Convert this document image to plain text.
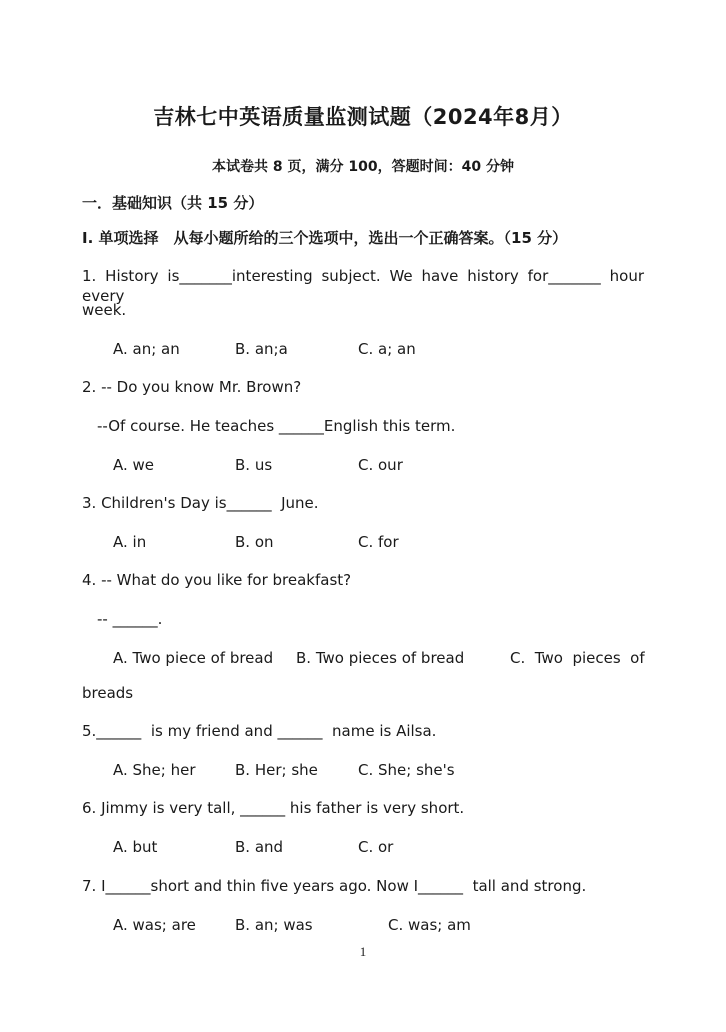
吉林七中英语质量监测试题（2024年8月）
本试卷共 8 页，满分 100，答题时间：40 分钟
一．基础知识（共 15 分）
Ⅰ. 单项选择　从每小题所给的三个选项中，选出一个正确答案。（15 分）
1. History is_______interesting subject. We have history for_______ hour every
week.
A. an; an	B. an;a	C. a; an
2. -- Do you know Mr. Brown?
--Of course. He teaches ______English this term.
A. we	B. us	C. our
3. Children's Day is______  June.
A. in	B. on	C. for
4. -- What do you like for breakfast?
-- ______.
A. Two piece of bread B. Two pieces of bread	C.  Two  pieces  of
breads
5.______  is my friend and ______  name is Ailsa.
A. She; her	B. Her; she	C. She; she's
6. Jimmy is very tall, ______ his father is very short.
A. but	B. and	C. or
7. I______short and thin five years ago. Now I______  tall and strong.
A. was; are	B. an; was	C. was; am
1
